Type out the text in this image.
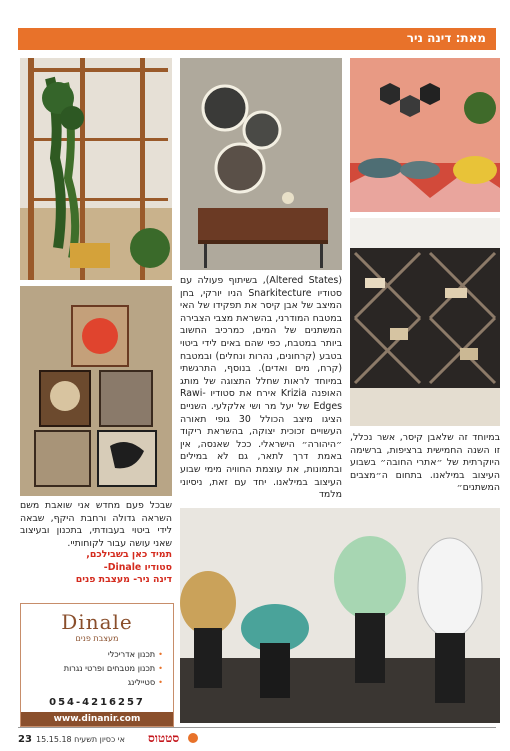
מאת: דינה ניר
(Altered States), בשיתוף פעולה עם סטודיו Snarkitecture הניו יורקי, בחן המיצב של אבן קיסר את תפקידו של האי במטבח המודרני, בהשראת מצבי הצבירה המשתנים של המים, כמרכיב החשוב ביותר במטבח, כפי שהם באים לידי ביטוי בטבע (קרחונים, נהרות ונחלים) ובמטבח (קרח, מים ואדים). בנוסף, התרגשתי במיוחד לראות שחלל התצוגה של מותג האופנה Krizia אירח את סטודיו Rawi-Edges של יעל מר ושי אלקלעי. השניים הציגו מיצב הכולל 30 גופי תאורה העשויים זכוכית יצוקה, בהשראת ריקוד ״היהורה״ הישראלי. ככל שאנסה, אין באמת דרך לתאר, גם לא במילים ובתמונות, את עוצמת החוויה מימי שבוע העיצוב במילאנו. יחד עם זאת, ניסיוני מלמד
במיוחד זה שלאבן קיסר, אשר נכלל, זו השנה החמישית ברציפות, ברשימה היוקרתית של ״אתרי החובה״ בשבוע העיצוב במילאנו. בתחום ה״מצבים המשתנים״
שבכל פעם מחדש אני שואבת משם השראה גדולה ורחבת היקף, שבאה לידי ביטוי בעבודתי, בתכנון ובעיצוב שאני עושה עבור לקוחותיי.
תמיד כאן בשבילכם,
סטודיו Dinale-
דינה ניר- מעצבת פנים
Dinale
מעצבת פנים
•תכנון אדריכלי
•תכנון מטבחים ופרטי נגרות
•סטיילינג
054-4216257
www.dinanir.com
23 אי כסיון תשעיח 15.15.18 סטטוס
